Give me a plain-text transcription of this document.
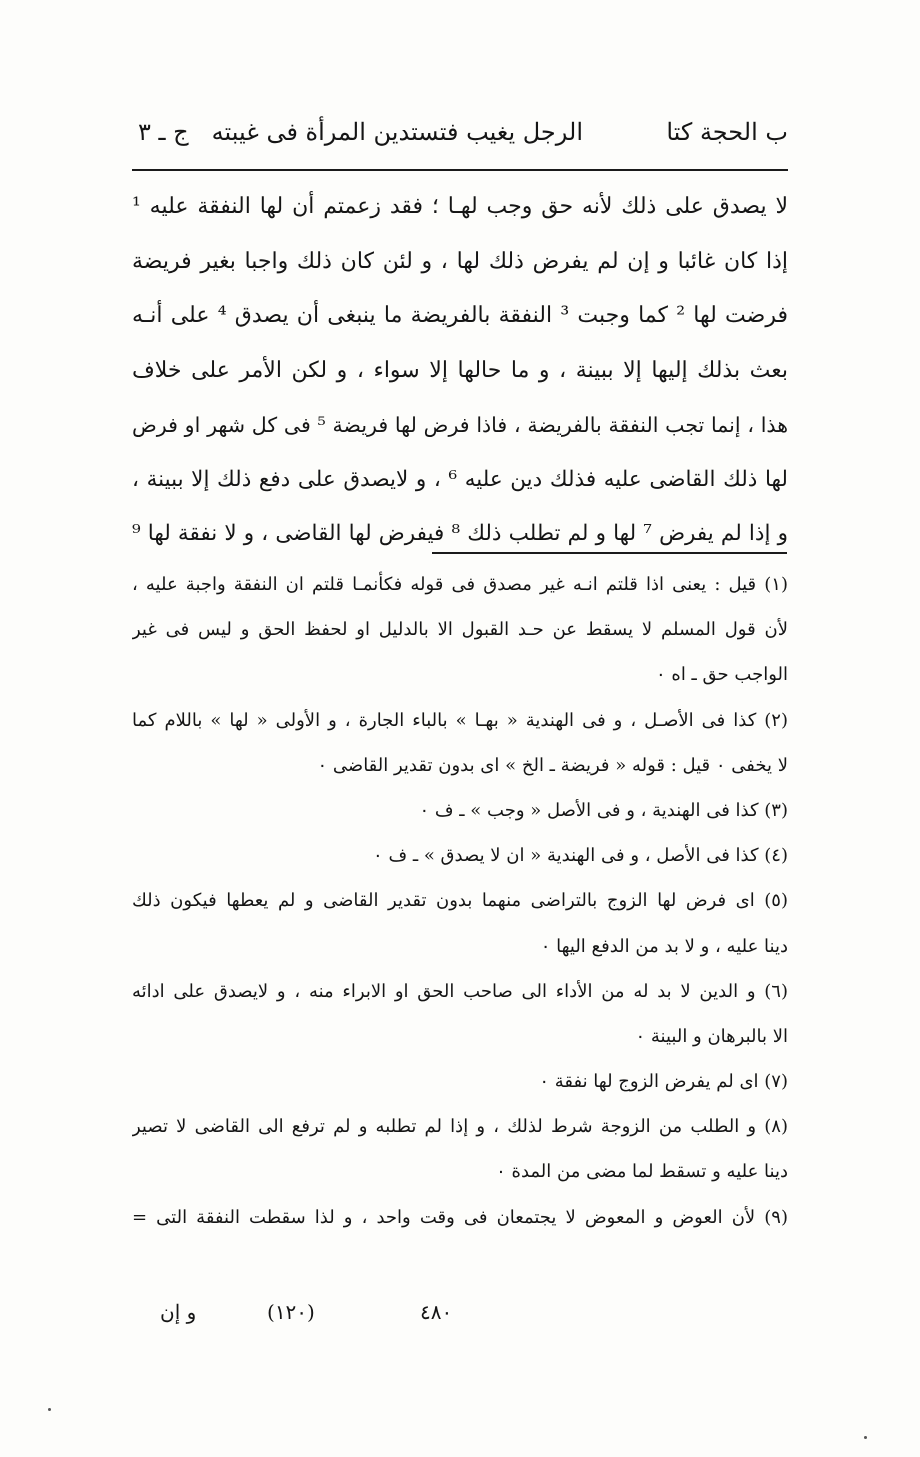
ب الحجة كتا
الرجل يغيب فتستدين المرأة فى غيبته
ج ـ ٣
لا يصدق على ذلك لأنه حق وجب لهـا ؛ فقد زعمتم أن لها النفقة عليه ¹
إذا كان غائبا و إن لم يفرض ذلك لها ، و لئن كان ذلك واجبا بغير فريضة
فرضت لها ² كما وجبت ³ النفقة بالفريضة ما ينبغى أن يصدق ⁴ على أنـه
بعث بذلك إليها إلا ببينة ، و ما حالها إلا سواء ، و لكن الأمر على خلاف
هذا ، إنما تجب النفقة بالفريضة ، فاذا فرض لها فريضة ⁵ فى كل شهر او فرض
لها ذلك القاضى عليه فذلك دين عليه ⁶ ، و لايصدق على دفع ذلك إلا ببينة ،
و إذا لم يفرض ⁷ لها و لم تطلب ذلك ⁸ فيفرض لها القاضى ، و لا نفقة لها ⁹
(١) قيل : يعنى اذا قلتم انـه غير مصدق فى قوله فكأنمـا قلتم ان النفقة واجبة عليه ،
لأن قول المسلم لا يسقط عن حـد القبول الا بالدليل او لحفظ الحق و ليس فى غير
الواجب حق ـ اه ٠
(٢) كذا فى الأصـل ، و فى الهندية « بهـا » بالباء الجارة ، و الأولى « لها » باللام كما
لا يخفى ٠ قيل : قوله « فريضة ـ الخ » اى بدون تقدير القاضى ٠
(٣) كذا فى الهندية ، و فى الأصل « وجب » ـ ف ٠
(٤) كذا فى الأصل ، و فى الهندية « ان لا يصدق » ـ ف ٠
(٥) اى فرض لها الزوج بالتراضى منهما بدون تقدير القاضى و لم يعطها فيكون ذلك
دينا عليه ، و لا بد من الدفع اليها ٠
(٦) و الدين لا بد له من الأداء الى صاحب الحق او الابراء منه ، و لايصدق على ادائه
الا بالبرهان و البينة ٠
(٧) اى لم يفرض الزوج لها نفقة ٠
(٨) و الطلب من الزوجة شرط لذلك ، و إذا لم تطلبه و لم ترفع الى القاضى لا تصير
دينا عليه و تسقط لما مضى من المدة ٠
(٩) لأن العوض و المعوض لا يجتمعان فى وقت واحد ، و لذا سقطت النفقة التى =
٤٨٠
(١٢٠)
و إن
